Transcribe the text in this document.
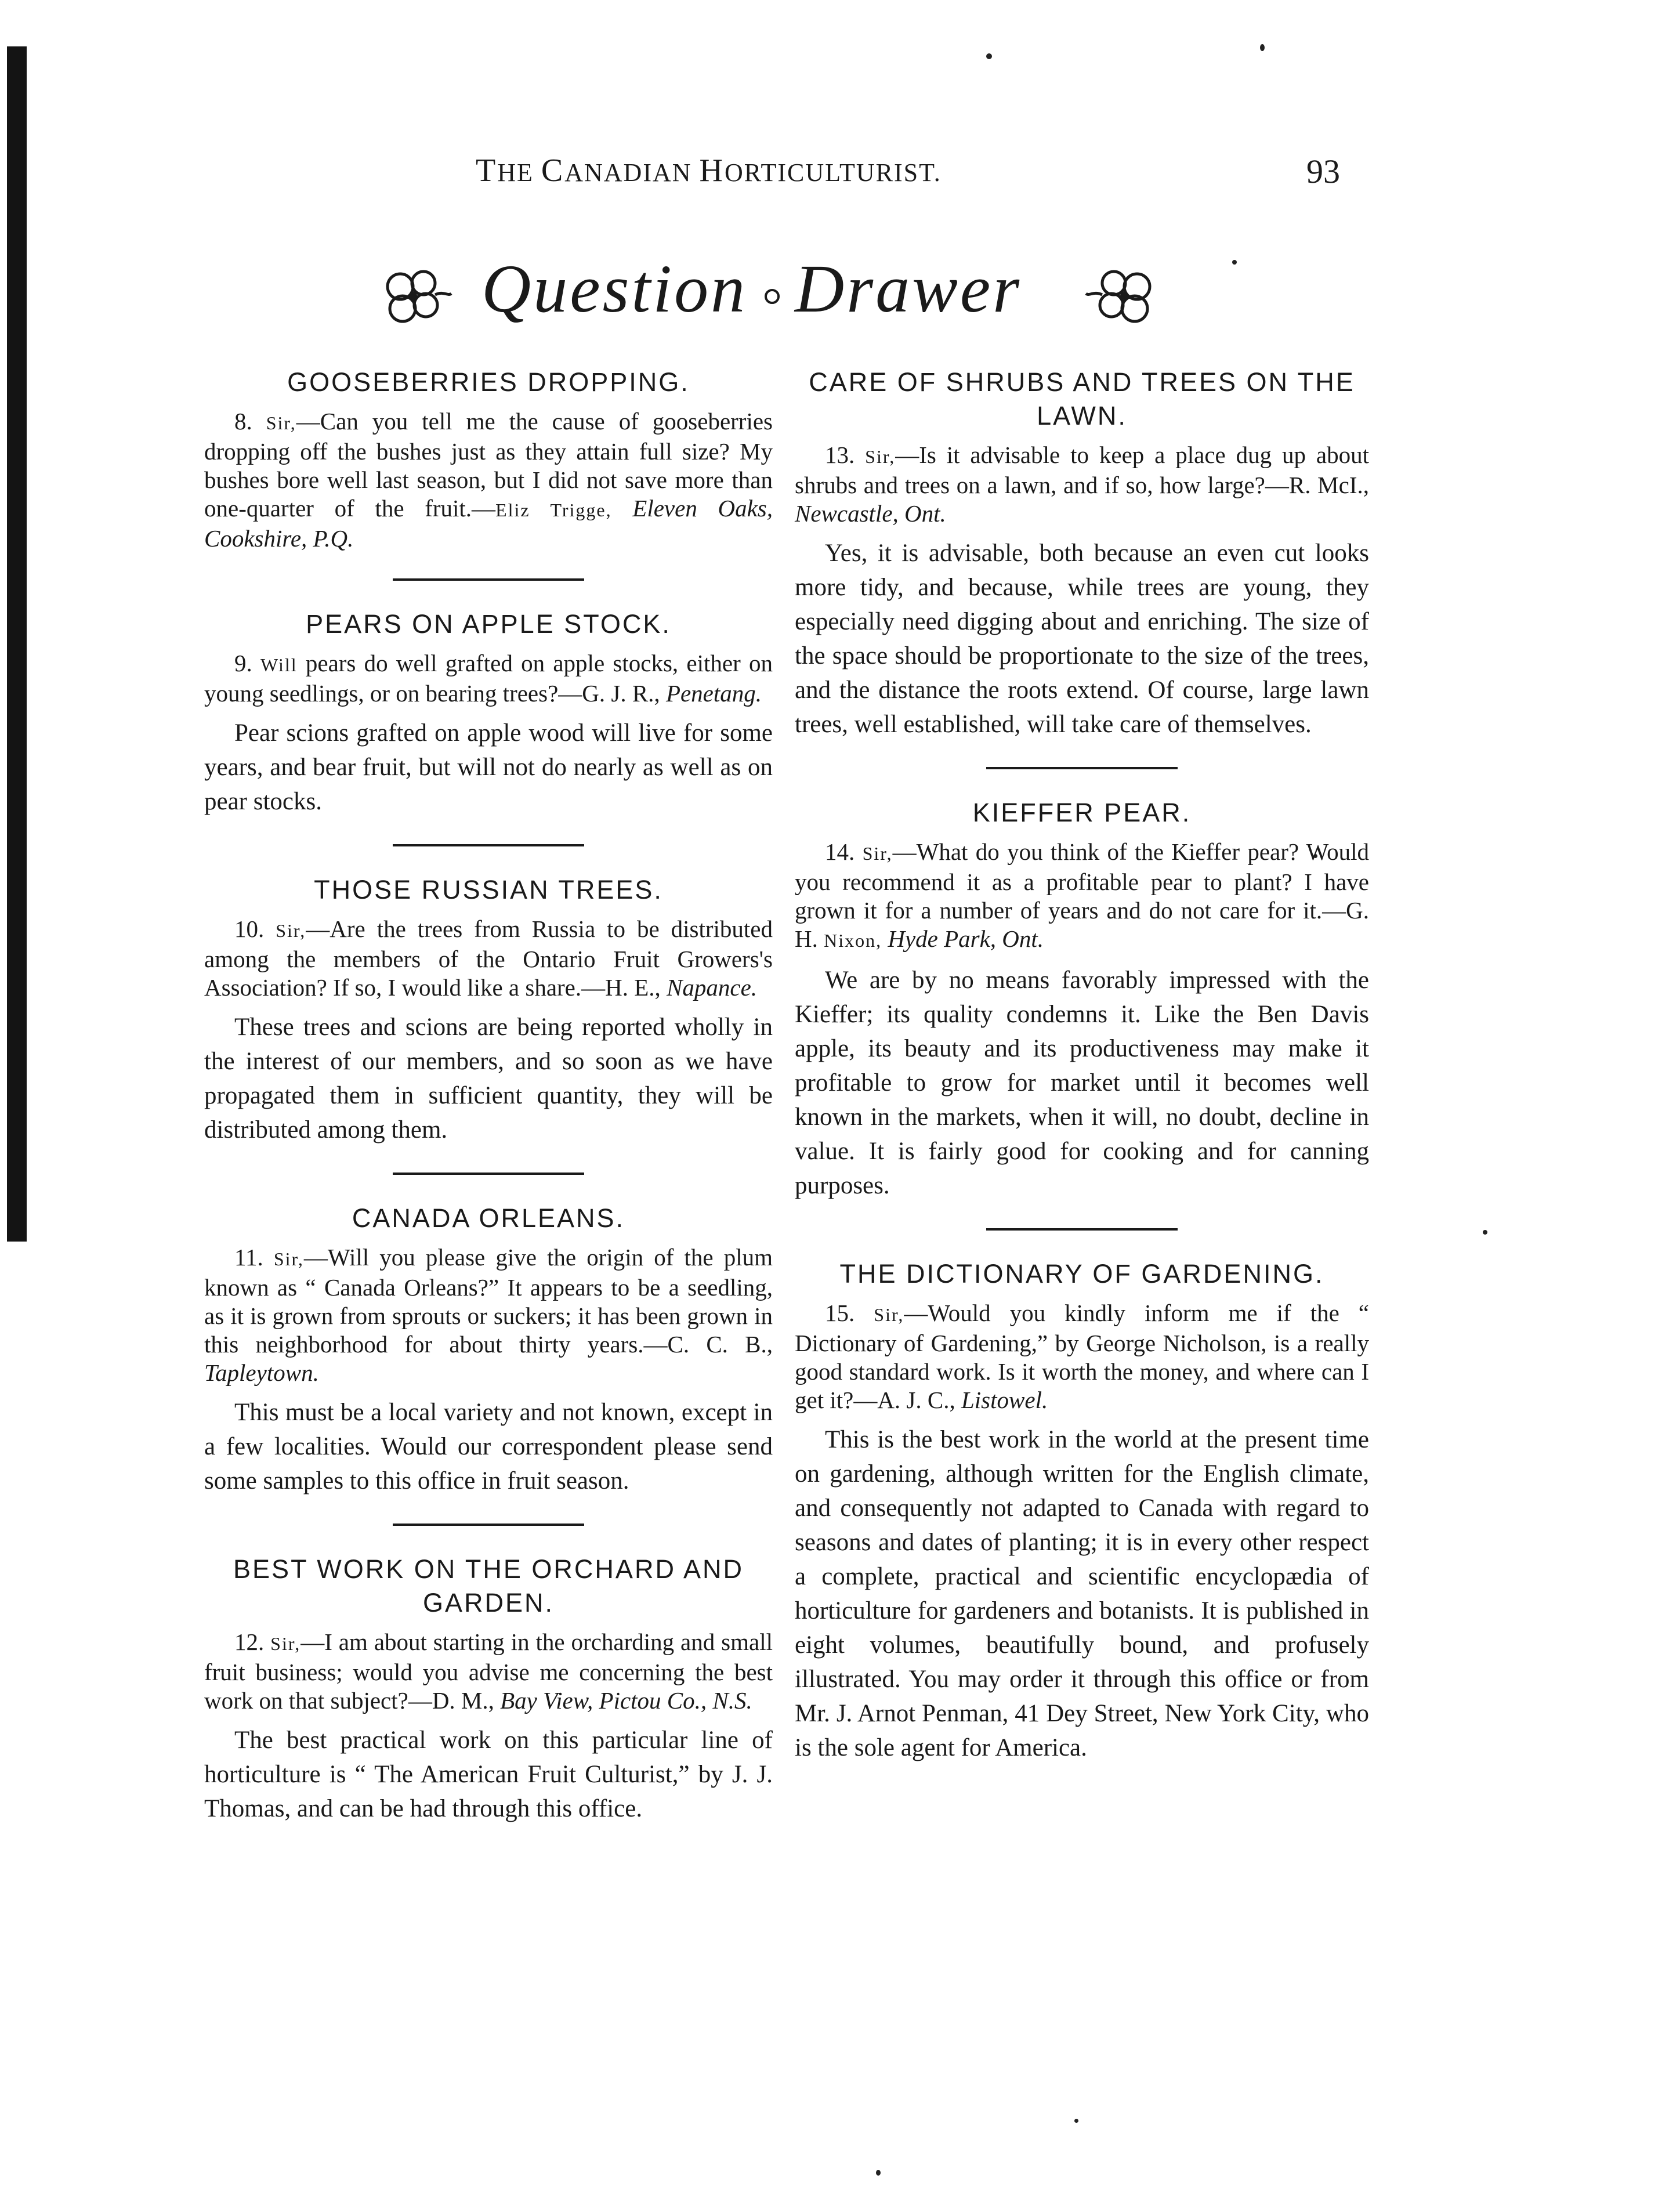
THE CANADIAN HORTICULTURIST.	93
Question Drawer
GOOSEBERRIES DROPPING.

8. Sir,—Can you tell me the cause of gooseberries dropping off the bushes just as they attain full size? My bushes bore well last season, but I did not save more than one-quarter of the fruit.—Eliz Trigge, Eleven Oaks, Cookshire, P.Q.

PEARS ON APPLE STOCK.

9. Will pears do well grafted on apple stocks, either on young seedlings, or on bearing trees?—G. J. R., Penetang.

Pear scions grafted on apple wood will live for some years, and bear fruit, but will not do nearly as well as on pear stocks.

THOSE RUSSIAN TREES.

10. Sir,—Are the trees from Russia to be distributed among the members of the Ontario Fruit Growers's Association? If so, I would like a share.—H. E., Napance.

These trees and scions are being reported wholly in the interest of our members, and so soon as we have propagated them in sufficient quantity, they will be distributed among them.

CANADA ORLEANS.

11. Sir,—Will you please give the origin of the plum known as “ Canada Orleans?” It appears to be a seedling, as it is grown from sprouts or suckers; it has been grown in this neighborhood for about thirty years.—C. C. B., Tapleytown.

This must be a local variety and not known, except in a few localities. Would our correspondent please send some samples to this office in fruit season.

BEST WORK ON THE ORCHARD AND GARDEN.

12. Sir,—I am about starting in the orcharding and small fruit business; would you advise me concerning the best work on that subject?—D. M., Bay View, Pictou Co., N.S.

The best practical work on this particular line of horticulture is “ The American Fruit Culturist,” by J. J. Thomas, and can be had through this office.

CARE OF SHRUBS AND TREES ON THE LAWN.

13. Sir,—Is it advisable to keep a place dug up about shrubs and trees on a lawn, and if so, how large?—R. McI., Newcastle, Ont.

Yes, it is advisable, both because an even cut looks more tidy, and because, while trees are young, they especially need digging about and enriching. The size of the space should be proportionate to the size of the trees, and the distance the roots extend. Of course, large lawn trees, well established, will take care of themselves.

KIEFFER PEAR.

14. Sir,—What do you think of the Kieffer pear? Would you recommend it as a profitable pear to plant? I have grown it for a number of years and do not care for it.—G. H. Nixon, Hyde Park, Ont.

We are by no means favorably impressed with the Kieffer; its quality condemns it. Like the Ben Davis apple, its beauty and its productiveness may make it profitable to grow for market until it becomes well known in the markets, when it will, no doubt, decline in value. It is fairly good for cooking and for canning purposes.

THE DICTIONARY OF GARDENING.

15. Sir,—Would you kindly inform me if the “ Dictionary of Gardening,” by George Nicholson, is a really good standard work. Is it worth the money, and where can I get it?—A. J. C., Listowel.

This is the best work in the world at the present time on gardening, although written for the English climate, and consequently not adapted to Canada with regard to seasons and dates of planting; it is in every other respect a complete, practical and scientific encyclopædia of horticulture for gardeners and botanists. It is published in eight volumes, beautifully bound, and profusely illustrated. You may order it through this office or from Mr. J. Arnot Penman, 41 Dey Street, New York City, who is the sole agent for America.
